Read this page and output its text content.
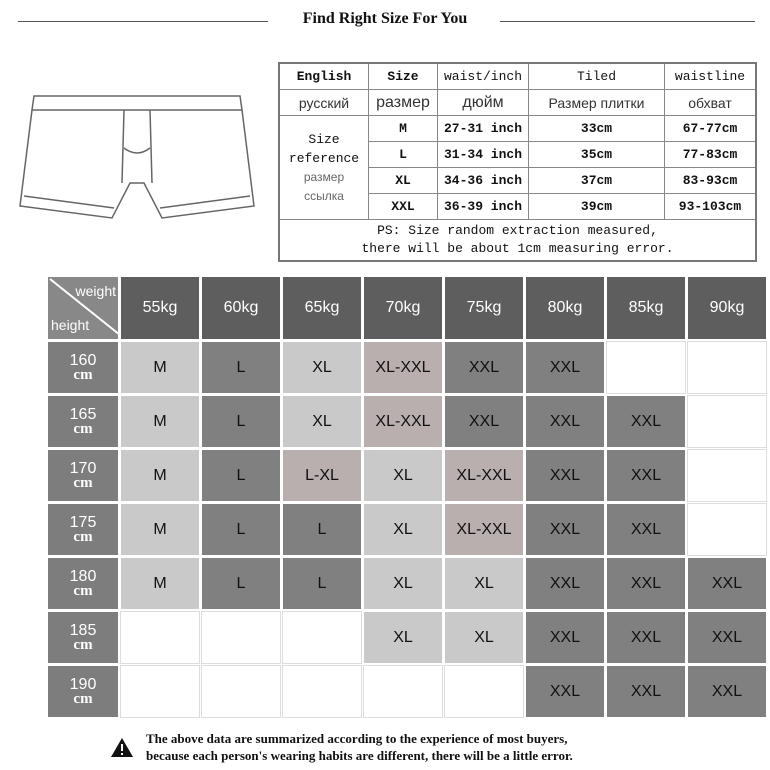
Find Right Size For You
English	Size	waist/inch	Tiled	waistline
русский	размер	дюйм	Размер плитки	обхват

Size
reference
размер
ссылка	M	27-31 inch	33cm	67-77cm
	L	31-34 inch	35cm	77-83cm
	XL	34-36 inch	37cm	83-93cm
	XXL	36-39 inch	39cm	93-103cm

PS: Size random extraction measured,
there will be about 1cm measuring error.				
weight
height	55kg	60kg	65kg	70kg	75kg	80kg	85kg	90kg

160
cm	M	L	XL	XL-XXL	XXL	XXL		

165
cm	M	L	XL	XL-XXL	XXL	XXL	XXL	

170
cm	M	L	L-XL	XL	XL-XXL	XXL	XXL	

175
cm	M	L	L	XL	XL-XXL	XXL	XXL	

180
cm	M	L	L	XL	XL	XXL	XXL	XXL

185
cm				XL	XL	XXL	XXL	XXL

190
cm						XXL	XXL	XXL
The above data are summarized according to the experience of most buyers,
because each person's wearing habits are different, there will be a little error.
